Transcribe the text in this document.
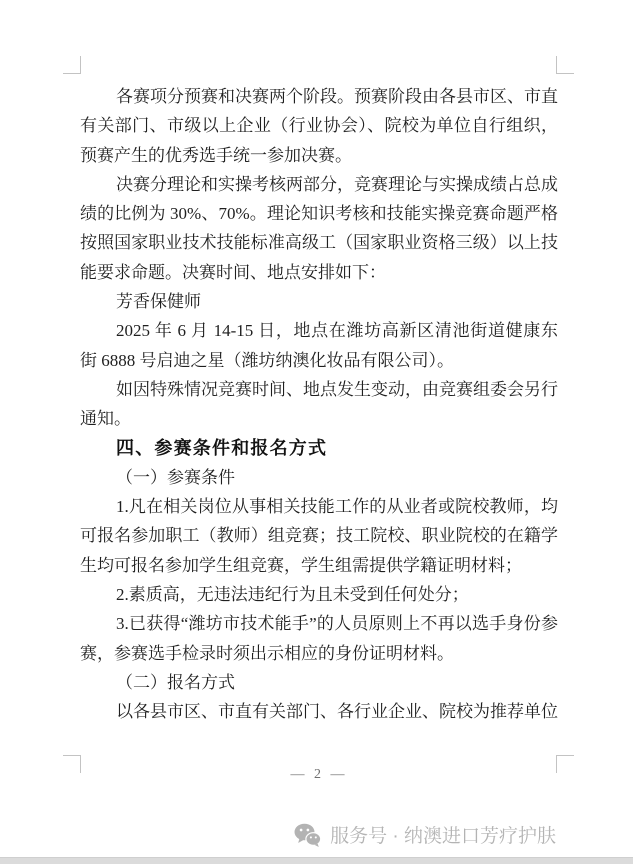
各赛项分预赛和决赛两个阶段。预赛阶段由各县市区、市直有关部门、市级以上企业（行业协会）、院校为单位自行组织，预赛产生的优秀选手统一参加决赛。

决赛分理论和实操考核两部分，竞赛理论与实操成绩占总成绩的比例为 30%、70%。理论知识考核和技能实操竞赛命题严格按照国家职业技术技能标准高级工（国家职业资格三级）以上技能要求命题。决赛时间、地点安排如下：

芳香保健师

2025 年 6 月 14-15 日，地点在潍坊高新区清池街道健康东街 6888 号启迪之星（潍坊纳澳化妆品有限公司）。

如因特殊情况竞赛时间、地点发生变动，由竞赛组委会另行通知。

四、参赛条件和报名方式

（一）参赛条件

1.凡在相关岗位从事相关技能工作的从业者或院校教师，均可报名参加职工（教师）组竞赛；技工院校、职业院校的在籍学生均可报名参加学生组竞赛，学生组需提供学籍证明材料；

2.素质高，无违法违纪行为且未受到任何处分；

3.已获得“潍坊市技术能手”的人员原则上不再以选手身份参赛，参赛选手检录时须出示相应的身份证明材料。

（二）报名方式

以各县市区、市直有关部门、各行业企业、院校为推荐单位

— 2 —
服务号 · 纳澳进口芳疗护肤
